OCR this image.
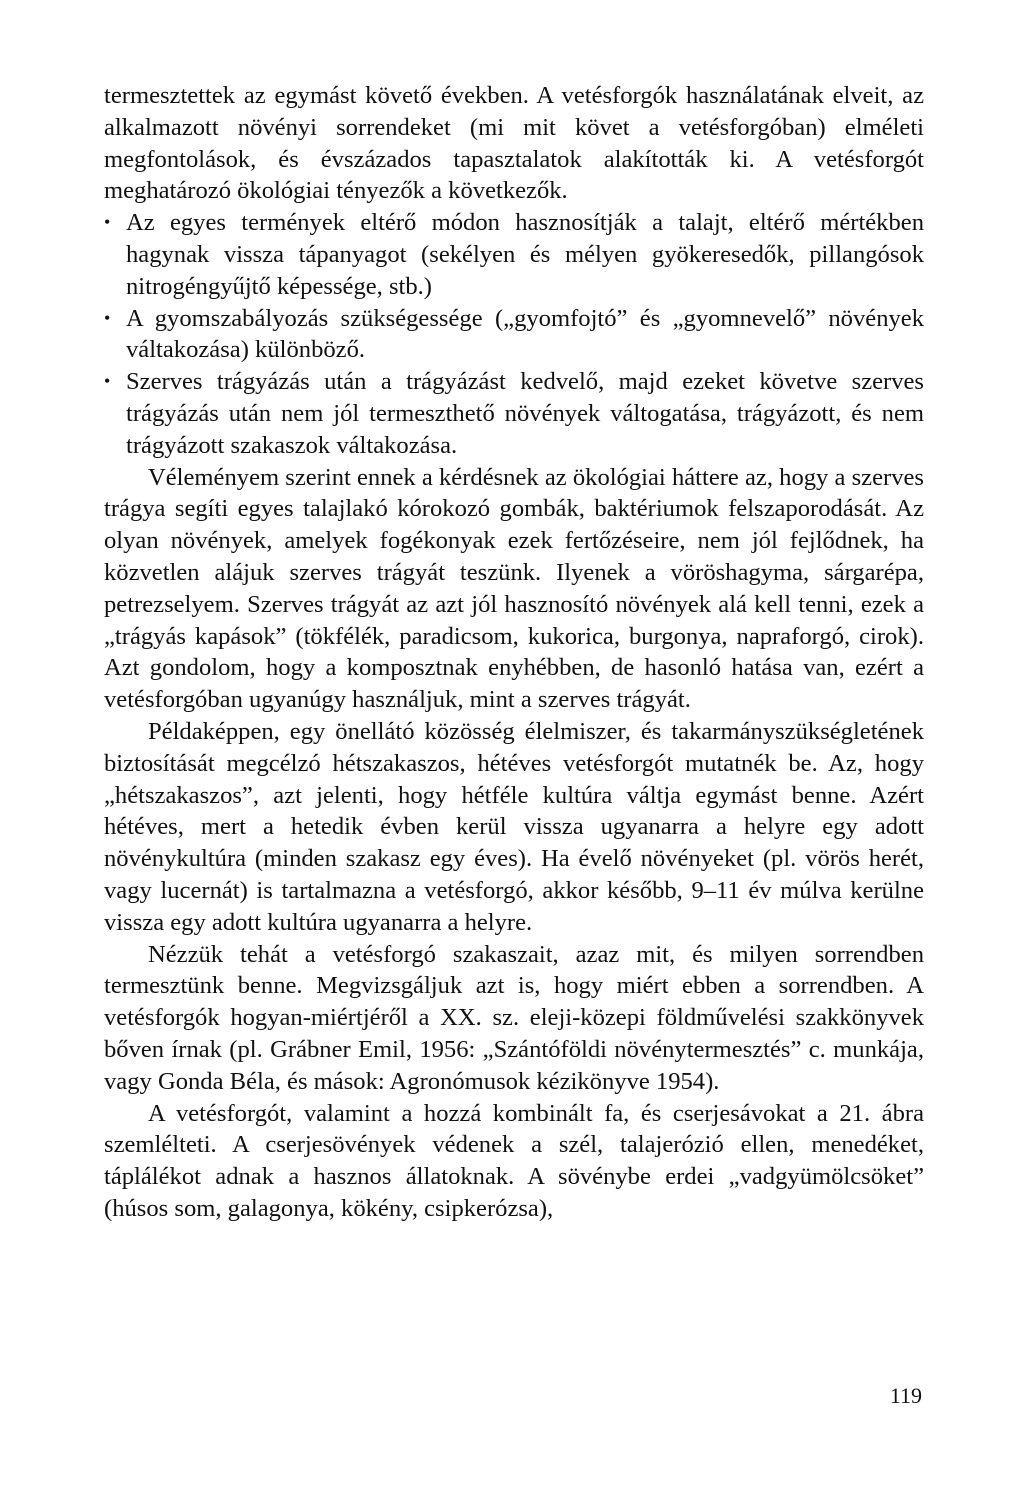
termesztettek az egymást követő években. A vetésforgók használatának elveit, az alkalmazott növényi sorrendeket (mi mit követ a vetésforgóban) elméleti megfontolások, és évszázados tapasztalatok alakították ki. A vetésforgót meghatározó ökológiai tényezők a következők.

• Az egyes termények eltérő módon hasznosítják a talajt, eltérő mértékben hagynak vissza tápanyagot (sekélyen és mélyen gyökeresedők, pillangósok nitrogéngyűjtő képessége, stb.)
• A gyomszabályozás szükségessége („gyomfojtó” és „gyomnevelő” növények váltakozása) különböző.
• Szerves trágyázás után a trágyázást kedvelő, majd ezeket követve szerves trágyázás után nem jól termeszthető növények váltogatása, trágyázott, és nem trágyázott szakaszok váltakozása.

Véleményem szerint ennek a kérdésnek az ökológiai háttere az, hogy a szerves trágya segíti egyes talajlakó kórokozó gombák, baktériumok felszaporodását. Az olyan növények, amelyek fogékonyak ezek fertőzéseire, nem jól fejlődnek, ha közvetlen alájuk szerves trágyát teszünk. Ilyenek a vöröshagyma, sárgarépa, petrezselyem. Szerves trágyát az azt jól hasznosító növények alá kell tenni, ezek a „trágyás kapások” (tökfélék, paradicsom, kukorica, burgonya, napraforgó, cirok). Azt gondolom, hogy a komposztnak enyhébben, de hasonló hatása van, ezért a vetésforgóban ugyanúgy használjuk, mint a szerves trágyát.

Példaképpen, egy önellátó közösség élelmiszer, és takarmányszükségletének biztosítását megcélzó hétszakaszos, hétéves vetésforgót mutatnék be. Az, hogy „hétszakaszos”, azt jelenti, hogy hétféle kultúra váltja egymást benne. Azért hétéves, mert a hetedik évben kerül vissza ugyanarra a helyre egy adott növénykultúra (minden szakasz egy éves). Ha évelő növényeket (pl. vörös herét, vagy lucernát) is tartalmazna a vetésforgó, akkor később, 9–11 év múlva kerülne vissza egy adott kultúra ugyanarra a helyre.

Nézzük tehát a vetésforgó szakaszait, azaz mit, és milyen sorrendben termesztünk benne. Megvizsgáljuk azt is, hogy miért ebben a sorrendben. A vetésforgók hogyan-miértjéről a XX. sz. eleji-közepi földművelési szakkönyvek bőven írnak (pl. Grábner Emil, 1956: „Szántóföldi növénytermesztés” c. munkája, vagy Gonda Béla, és mások: Agronómusok kézikönyve 1954).

A vetésforgót, valamint a hozzá kombinált fa, és cserjesávokat a 21. ábra szemlélteti. A cserjesövények védenek a szél, talajerózió ellen, menedéket, táplálékot adnak a hasznos állatoknak. A sövénybe erdei „vadgyümölcsöket” (húsos som, galagonya, kökény, csipkerózsa),

119
